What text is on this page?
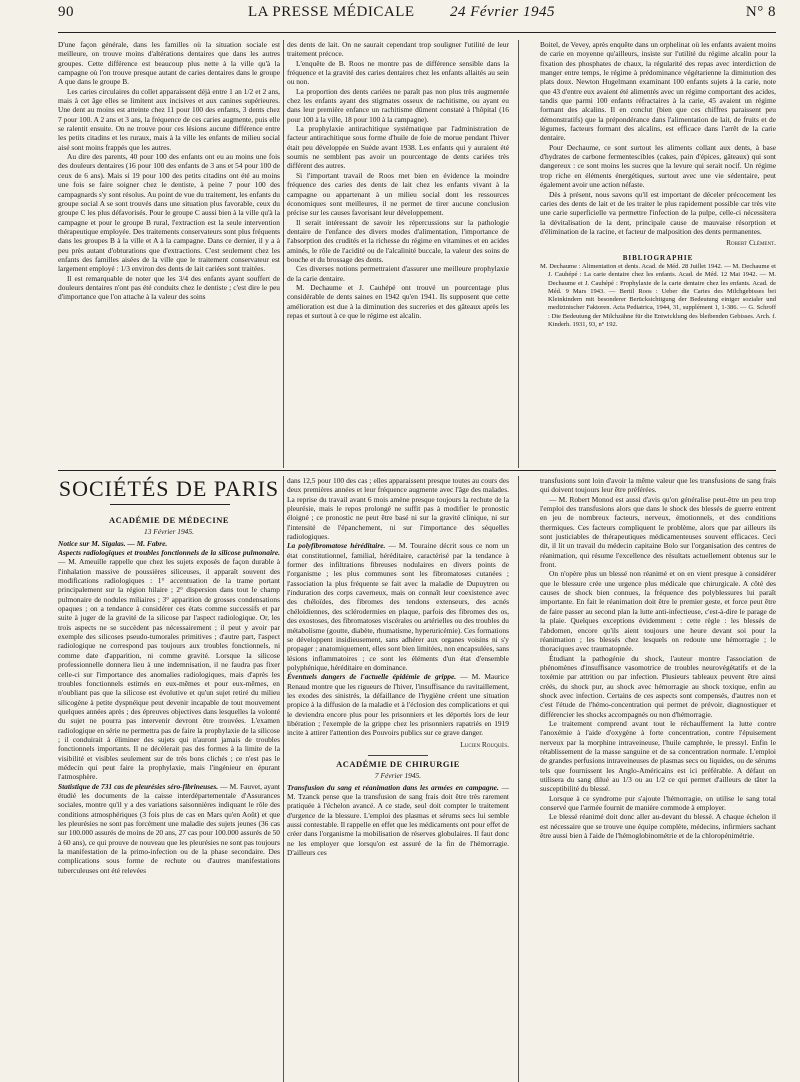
90	LA PRESSE MÉDICALE 24 Février 1945	N° 8

D'une façon générale, dans les familles où la situation sociale est meilleure, on trouve moins d'altérations dentaires que dans les autres groupes. Cette différence est beaucoup plus nette à la ville qu'à la campagne où l'on trouve presque autant de caries dentaires dans le groupe A que dans le groupe B.

Les caries circulaires du collet apparaissent déjà entre 1 an 1/2 et 2 ans, mais à cet âge elles se limitent aux incisives et aux canines supérieures. Une dent au moins est atteinte chez 11 pour 100 des enfants, 3 dents chez 7 pour 100. A 2 ans et 3 ans, la fréquence de ces caries augmente, puis elle se ralentit ensuite. On ne trouve pour ces lésions aucune différence entre les petits citadins et les ruraux, mais à la ville les enfants de milieu social aisé sont moins frappés que les autres.

Au dire des parents, 40 pour 100 des enfants ont eu au moins une fois des douleurs dentaires (16 pour 100 des enfants de 3 ans et 54 pour 100 de ceux de 6 ans). Mais si 19 pour 100 des petits citadins ont été au moins une fois se faire soigner chez le dentiste, à peine 7 pour 100 des campagnards s'y sont résolus. Au point de vue du traitement, les enfants du groupe social A se sont trouvés dans une situation plus favorable, ceux du groupe C les plus défavorisés. Pour le groupe C aussi bien à la ville qu'à la campagne et pour le groupe B rural, l'extraction est la seule intervention thérapeutique employée. Des traitements conservateurs sont plus fréquents dans les groupes B à la ville et A à la campagne. Dans ce dernier, il y a à peu près autant d'obturations que d'extractions. C'est seulement chez les enfants des familles aisées de la ville que le traitement conservateur est largement employé : 1/3 environ des dents de lait cariées sont traitées.

Il est remarquable de noter que les 3/4 des enfants ayant souffert de douleurs dentaires n'ont pas été conduits chez le dentiste ; c'est dire le peu d'importance que l'on attache à la valeur des soins

des dents de lait. On ne saurait cependant trop souligner l'utilité de leur traitement précoce.

L'enquête de B. Roos ne montre pas de différence sensible dans la fréquence et la gravité des caries dentaires chez les enfants allaités au sein ou non.

La proportion des dents cariées ne paraît pas non plus très augmentée chez les enfants ayant des stigmates osseux de rachitisme, ou ayant eu dans leur première enfance un rachitisme dûment constaté à l'hôpital (16 pour 100 à la ville, 18 pour 100 à la campagne).

La prophylaxie antirachitique systématique par l'administration de facteur antirachitique sous forme d'huile de foie de morue pendant l'hiver était peu développée en Suède avant 1938. Les enfants qui y auraient été soumis ne semblent pas avoir un pourcentage de dents cariées très différent des autres.

Si l'important travail de Roos met bien en évidence la moindre fréquence des caries des dents de lait chez les enfants vivant à la campagne ou appartenant à un milieu social dont les ressources économiques sont meilleures, il ne permet de tirer aucune conclusion précise sur les causes favorisant leur développement.

Il serait intéressant de savoir les répercussions sur la pathologie dentaire de l'enfance des divers modes d'alimentation, l'importance de l'absorption des crudités et la richesse du régime en vitamines et en acides aminés, le rôle de l'acidité ou de l'alcalinité buccale, la valeur des soins de bouche et du brossage des dents.

Ces diverses notions permettraient d'assurer une meilleure prophylaxie de la carie dentaire.

M. Dechaume et J. Cauhépé ont trouvé un pourcentage plus considérable de dents saines en 1942 qu'en 1941. Ils supposent que cette amélioration est due à la diminution des sucreries et des gâteaux après les repas et surtout à ce que le régime est alcalin.

Boitel, de Vevey, après enquête dans un orphelinat où les enfants avaient moins de carie en moyenne qu'ailleurs, insiste sur l'utilité du régime alcalin pour la fixation des phosphates de chaux, la régularité des repas avec interdiction de manger entre temps, le régime à prédominance végétarienne la diminution des plats doux. Newton Hugelmann examinant 100 enfants sujets à la carie, note que 43 d'entre eux avaient été alimentés avec un régime comportant des acides, tandis que parmi 100 enfants réfractaires à la carie, 45 avaient un régime formant des alcalins. Il en conclut (bien que ces chiffres paraissent peu démonstratifs) que la prépondérance dans l'alimentation de lait, de fruits et de légumes, facteurs formant des alcalins, est efficace dans l'arrêt de la carie dentaire.

Pour Dechaume, ce sont surtout les aliments collant aux dents, à base d'hydrates de carbone fermentescibles (cakes, pain d'épices, gâteaux) qui sont dangereux : ce sont moins les sucres que la levure qui serait nocif. Un régime trop riche en éléments énergétiques, surtout avec une vie sédentaire, peut également avoir une action néfaste.

Dès à présent, nous savons qu'il est important de déceler précocement les caries des dents de lait et de les traiter le plus rapidement possible car très vite une carie superficielle va permettre l'infection de la pulpe, celle-ci nécessitera la dévitalisation de la dent, principale cause de mauvaise résorption et d'élimination de la racine, et facteur de malposition des dents permanentes.

Robert Clément.

BIBLIOGRAPHIE

M. Dechaume : Alimentation et dents. Acad. de Méd. 28 Juillet 1942. — M. Dechaume et J. Cauhépé : La carie dentaire chez les enfants. Acad. de Méd. 12 Mai 1942. — M. Dechaume et J. Cauhépé : Prophylaxie de la carie dentaire chez les enfants. Acad. de Méd. 9 Mars 1943. — Bertil Roos : Ueber die Caries des Milchgebisses bei Kleinkindern mit besonderer Berücksichtigung der Bedeutung einiger sozialer und medizinischer Faktoren. Acta Pediatrica, 1944, 31, supplément 1, 1-386. — G. Schroff : Die Bedeutung der Milchzähne für die Entwicklung des bleibenden Gebisses. Arch. f. Kinderh. 1931, 93, n° 192.

SOCIÉTÉS DE PARIS

ACADÉMIE DE MÉDECINE

13 Février 1945.

Notice sur M. Sigalas. — M. Fabre.

Aspects radiologiques et troubles fonctionnels de la silicose pulmonaire. — M. Ameuille rappelle que chez les sujets exposés de façon durable à l'inhalation massive de poussières siliceuses, il apparaît souvent des modifications radiologiques : 1° accentuation de la trame portant principalement sur la région hilaire ; 2° dispersion dans tout le champ pulmonaire de nodules miliaires ; 3° apparition de grosses condensations opaques ; on a tendance à considérer ces états comme successifs et par suite à juger de la gravité de la silicose par l'aspect radiologique. Or, les trois aspects ne se succèdent pas nécessairement ; il peut y avoir par exemple des silicoses pseudo-tumorales primitives ; d'autre part, l'aspect radiologique ne correspond pas toujours aux troubles fonctionnels, ni comme date d'apparition, ni comme gravité. Lorsque la silicose professionnelle donnera lieu à une indemnisation, il ne faudra pas fixer celle-ci sur l'importance des anomalies radiologiques, mais d'après les troubles fonctionnels estimés en eux-mêmes et pour eux-mêmes, en n'oubliant pas que la silicose est évolutive et qu'un sujet retiré du milieu silicogène à petite dyspnéique peut devenir incapable de tout mouvement quelques années après ; des épreuves objectives dans lesquelles la volonté du sujet ne pourra pas intervenir devront être trouvées. L'examen radiologique en série ne permettra pas de faire la prophylaxie de la silicose ; il conduirait à éliminer des sujets qui n'auront jamais de troubles fonctionnels importants. Il ne décèlerait pas des formes à la limite de la visibilité et visibles seulement sur de très bons clichés ; ce n'est pas le médecin qui peut faire la prophylaxie, mais l'ingénieur en épurant l'atmosphère.

Statistique de 731 cas de pleurésies séro-fibrineuses. — M. Fauvet, ayant étudié les documents de la caisse interdépartementale d'Assurances sociales, montre qu'il y a des variations saisonnières indiquant le rôle des conditions atmosphériques (3 fois plus de cas en Mars qu'en Août) et que les pleurésies ne sont pas forcément une maladie des sujets jeunes (36 cas sur 100.000 assurés de moins de 20 ans, 27 cas pour 100.000 assurés de 50 à 60 ans), ce qui prouve de nouveau que les pleurésies ne sont pas toujours la manifestation de la primo-infection ou de la phase secondaire. Des complications sous forme de rechute ou d'autres manifestations tuberculeuses ont été relevées

dans 12,5 pour 100 des cas ; elles apparaissent presque toutes au cours des deux premières années et leur fréquence augmente avec l'âge des malades. La reprise du travail avant 6 mois amène presque toujours la rechute de la pleurésie, mais le repos prolongé ne suffit pas à modifier le pronostic éloigné ; ce pronostic ne peut être basé ni sur la gravité clinique, ni sur l'intensité de l'épanchement, ni sur l'importance des séquelles radiologiques.

La polyfibromatose héréditaire. — M. Touraine décrit sous ce nom un état constitutionnel, familial, héréditaire, caractérisé par la tendance à former des infiltrations fibreuses nodulaires en divers points de l'organisme ; les plus communes sont les fibromatoses cutanées ; l'association la plus fréquente se fait avec la maladie de Dupuytren ou l'induration des corps caverneux, mais on connaît leur coexistence avec des chéloïdes, des fibromes des tendons extenseurs, des acnés chéloïdiennes, des sclérodermies en plaque, parfois des fibromes des os, des exostoses, des fibromatoses viscérales ou artérielles ou des troubles du métabolisme (goutte, diabète, rhumatisme, hyperuricémie). Ces formations se développent insidieusement, sans adhérer aux organes voisins ni s'y propager ; anatomiquement, elles sont bien limitées, non encapsulées, sans lésions inflammatoires ; ce sont les éléments d'un état d'ensemble polyphénique, héréditaire en dominance.

Éventuels dangers de l'actuelle épidémie de grippe. — M. Maurice Renaud montre que les rigueurs de l'hiver, l'insuffisance du ravitaillement, les exodes des sinistrés, la défaillance de l'hygiène créent une situation propice à la diffusion de la maladie et à l'éclosion des complications et qui le deviendra encore plus pour les prisonniers et les déportés lors de leur libération ; l'exemple de la grippe chez les prisonniers rapatriés en 1919 incite à attirer l'attention des Pouvoirs publics sur ce grave danger.

Lucien Rouquès.

ACADÉMIE DE CHIRURGIE

7 Février 1945.

Transfusion du sang et réanimation dans les armées en campagne. — M. Tzanck pense que la transfusion de sang frais doit être très rarement pratiquée à l'échelon avancé. A ce stade, seul doit compter le traitement d'urgence de la blessure. L'emploi des plasmas et sérums secs lui semble aussi contestable. Il rappelle en effet que les médicaments ont pour effet de créer dans l'organisme la mobilisation de réserves globulaires. Il faut donc ne les employer que lorsqu'on est assuré de la fin de l'hémorragie. D'ailleurs ces

transfusions sont loin d'avoir la même valeur que les transfusions de sang frais qui doivent toujours leur être préférées.

— M. Robert Monod est aussi d'avis qu'on généralise peut-être un peu trop l'emploi des transfusions alors que dans le shock des blessés de guerre entrent en jeu de nombreux facteurs, nerveux, émotionnels, et des conditions thermiques. Ces facteurs compliquent le problème, alors que par ailleurs ils sont justiciables de thérapeutiques médicamenteuses souvent efficaces. Ceci dit, il lit un travail du médecin capitaine Bolo sur l'organisation des centres de réanimation, qui résume l'excellence des résultats actuellement obtenus sur le front.

On n'opère plus un blessé non réanimé et on en vient presque à considérer que le blessure crée une urgence plus médicale que chirurgicale. A côté des causes de shock bien connues, la fréquence des polyblessures lui paraît importante. En fait le réanimation doit être le premier geste, et force peut être de faire passer au second plan la lutte anti-infectieuse, c'est-à-dire le parage de la plaie. Quelques exceptions évidemment : cette règle : les blessés de l'abdomen, encore qu'ils aient toujours une heure devant soi pour la réanimation ; les blessés chez lesquels on redoute une hémorragie ; le thoraciques avec traumatopnée.

Étudiant la pathogénie du shock, l'auteur montre l'association de phénomènes d'insuffisance vasomotrice de troubles neurovégétatifs et de la toxémie par attrition ou par infection. Plusieurs tableaux peuvent être ainsi créés, du shock pur, au shock avec hémorragie au shock toxique, enfin au shock avec infection. Certains de ces aspects sont compensés, d'autres non et c'est l'étude de l'hémo-concentration qui permet de prévoir, diagnostiquer et différencier les shocks accompagnés ou non d'hémorragie.

Le traitement comprend avant tout le réchauffement la lutte contre l'anoxémie à l'aide d'oxygène à forte concentration, contre l'épuisement nerveux par la morphine intraveineuse, l'huile camphrée, le pressyl. Enfin le rétablissement de la masse sanguine et de sa concentration normale. L'emploi de grandes perfusions intraveineuses de plasmas secs ou liquides, ou de sérums tels que fournissent les Anglo-Américains est ici préférable. A défaut on utilisera du sang dilué au 1/3 ou au 1/2 ce qui permet d'ailleurs de tâter la susceptibilité du blessé.

Lorsque à ce syndrome pur s'ajoute l'hémorragie, on utilise le sang total conservé que l'armée fournit de manière commode à employer.

Le blessé réanimé doit donc aller au-devant du blessé. A chaque échelon il est nécessaire que se trouve une équipe complète, médecins, infirmiers sachant être aussi bien à l'aide de l'hémoglobinométrie et de la chloropénimétrie.
